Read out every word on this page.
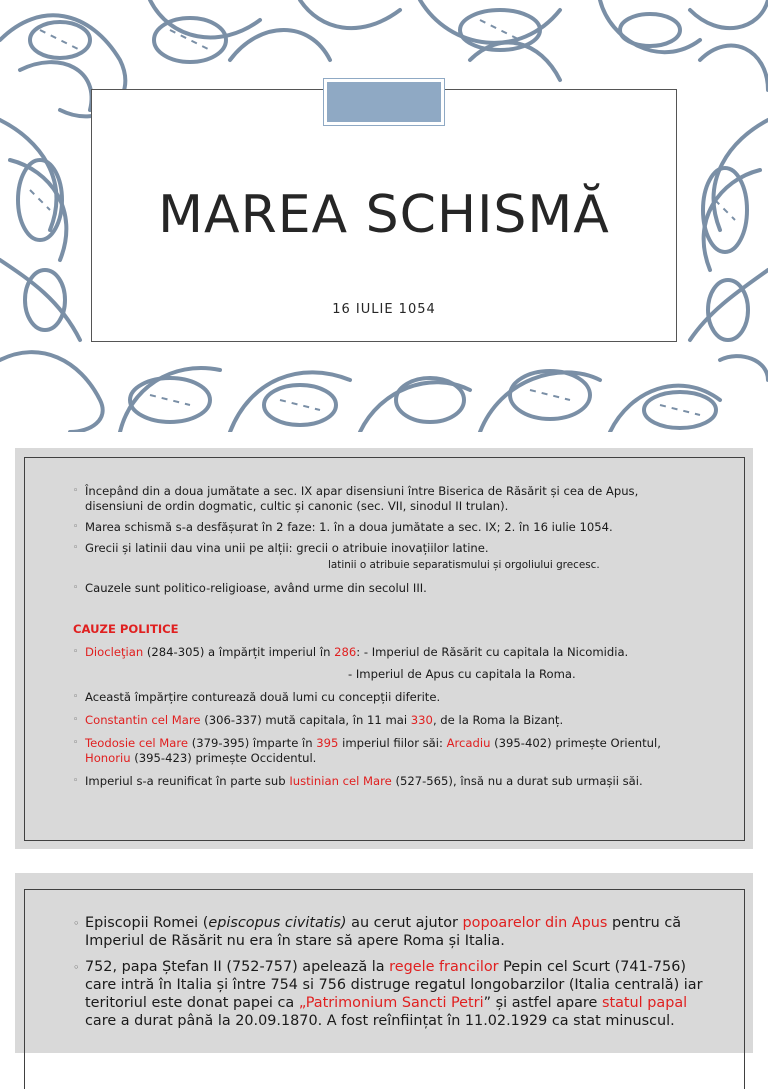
MAREA SCHISMĂ
16 IULIE 1054
◦ Începând din a doua jumătate a sec. IX apar disensiuni între Biserica de Răsărit și cea de Apus, disensiuni de ordin dogmatic, cultic și canonic (sec. VII, sinodul II trulan).
◦ Marea schismă s-a desfășurat în 2 faze: 1. în a doua jumătate a sec. IX; 2. în 16 iulie 1054.
◦ Grecii și latinii dau vina unii pe alții: grecii o atribuie inovațiilor latine.
latinii o atribuie separatismului și orgoliului grecesc.
◦ Cauzele sunt politico-religioase, având urme din secolul III.
CAUZE POLITICE
◦ Diocleţian (284-305) a împărțit imperiul în 286: - Imperiul de Răsărit cu capitala la Nicomidia.
- Imperiul de Apus cu capitala la Roma.
◦ Această împărțire conturează două lumi cu concepții diferite.
◦ Constantin cel Mare (306-337) mută capitala, în 11 mai 330, de la Roma la Bizanț.
◦ Teodosie cel Mare (379-395) împarte în 395 imperiul fiilor săi: Arcadiu (395-402) primește Orientul, Honoriu (395-423) primește Occidentul.
◦ Imperiul s-a reunificat în parte sub Iustinian cel Mare (527-565), însă nu a durat sub urmașii săi.
◦ Episcopii Romei (episcopus civitatis) au cerut ajutor popoarelor din Apus pentru că Imperiul de Răsărit nu era în stare să apere Roma și Italia.
◦ 752, papa Ștefan II (752-757) apelează la regele francilor Pepin cel Scurt (741-756) care intră în Italia și între 754 si 756 distruge regatul longobarzilor (Italia centrală) iar teritoriul este donat papei ca „Patrimonium Sancti Petri” și astfel apare statul papal care a durat până la 20.09.1870. A fost reînființat în 11.02.1929 ca stat minuscul.
